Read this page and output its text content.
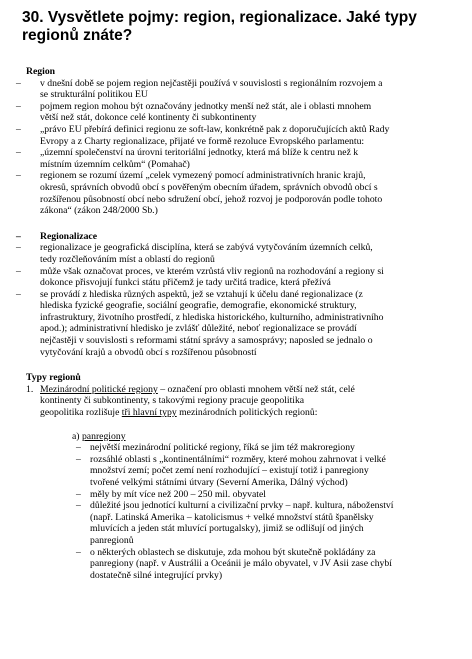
30. Vysvětlete pojmy: region, regionalizace. Jaké typy
regionů znáte?
Region
– v dnešní době se pojem region nejčastěji používá v souvislosti s regionálním rozvojem a
se strukturální politikou EU
– pojmem region mohou být označovány jednotky menší než stát, ale i oblasti mnohem
větší než stát, dokonce celé kontinenty či subkontinenty
– „právo EU přebírá definici regionu ze soft-law, konkrétně pak z doporučujících aktů Rady
Evropy a z Charty regionalizace, přijaté ve formě rezoluce Evropského parlamentu:
– „územní společenství na úrovni teritoriální jednotky, která má blíže k centru než k
místním územním celkům“ (Pomahač)
– regionem se rozumí území „celek vymezený pomocí administrativních hranic krajů,
okresů, správních obvodů obcí s pověřeným obecním úřadem, správních obvodů obcí s
rozšířenou působností obcí nebo sdružení obcí, jehož rozvoj je podporován podle tohoto
zákona“ (zákon 248/2000 Sb.)
– Regionalizace
– regionalizace je geografická disciplína, která se zabývá vytyčováním územních celků,
tedy rozčleňováním míst a oblastí do regionů
– může však označovat proces, ve kterém vzrůstá vliv regionů na rozhodování a regiony si
dokonce přisvojují funkci státu přičemž je tady určitá tradice, která přežívá
– se provádí z hlediska různých aspektů, jež se vztahují k účelu dané regionalizace (z
hlediska fyzické geografie, sociální geografie, demografie, ekonomické struktury,
infrastruktury, životního prostředí, z hlediska historického, kulturního, administrativního
apod.); administrativní hledisko je zvlášť důležité, neboť regionalizace se provádí
nejčastěji v souvislosti s reformami státní správy a samosprávy; naposled se jednalo o
vytyčování krajů a obvodů obcí s rozšířenou působností
Typy regionů
1. Mezinárodní politické regiony – označení pro oblasti mnohem větší než stát, celé
kontinenty či subkontinenty, s takovými regiony pracuje geopolitika
geopolitika rozlišuje tři hlavní typy mezinárodních politických regionů:
a) panregiony
– největší mezinárodní politické regiony, říká se jim též makroregiony
– rozsáhlé oblasti s „kontinentálními“ rozměry, které mohou zahrnovat i velké
množství zemí; počet zemí není rozhodující – existují totiž i panregiony
tvořené velkými státními útvary (Severní Amerika, Dálný východ)
– měly by mít více než 200 – 250 mil. obyvatel
– důležité jsou jednotící kulturní a civilizační prvky – např. kultura, náboženství
(např. Latinská Amerika – katolicismus + velké množství států španělsky
mluvících a jeden stát mluvící portugalsky), jimiž se odlišují od jiných
panregionů
– o některých oblastech se diskutuje, zda mohou být skutečně pokládány za
panregiony (např. v Austrálii a Oceánii je málo obyvatel, v JV Asii zase chybí
dostatečně silné integrující prvky)
